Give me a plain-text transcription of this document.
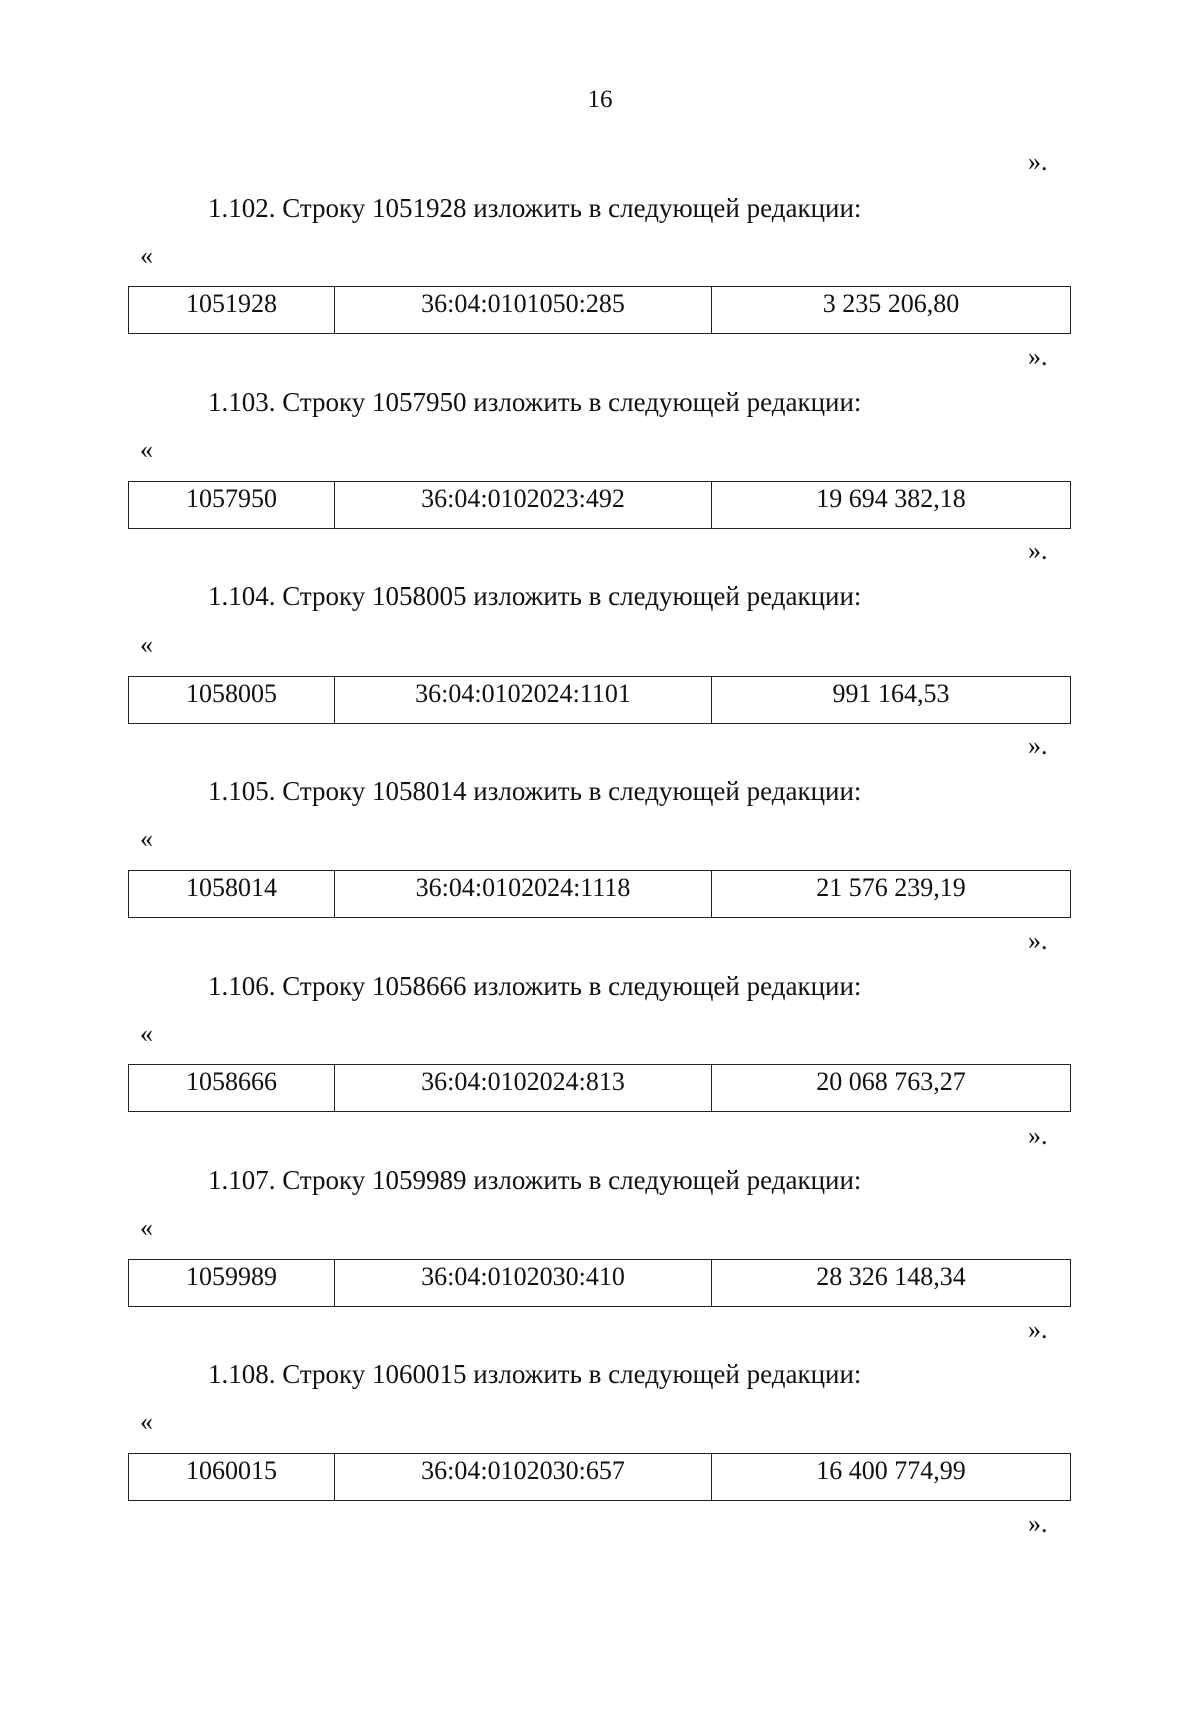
16
».
1.102. Строку 1051928 изложить в следующей редакции:
«
1051928	36:04:0101050:285	3 235 206,80
».
1.103. Строку 1057950 изложить в следующей редакции:
«
1057950	36:04:0102023:492	19 694 382,18
».
1.104. Строку 1058005 изложить в следующей редакции:
«
1058005	36:04:0102024:1101	991 164,53
».
1.105. Строку 1058014 изложить в следующей редакции:
«
1058014	36:04:0102024:1118	21 576 239,19
».
1.106. Строку 1058666 изложить в следующей редакции:
«
1058666	36:04:0102024:813	20 068 763,27
».
1.107. Строку 1059989 изложить в следующей редакции:
«
1059989	36:04:0102030:410	28 326 148,34
».
1.108. Строку 1060015 изложить в следующей редакции:
«
1060015	36:04:0102030:657	16 400 774,99
».
